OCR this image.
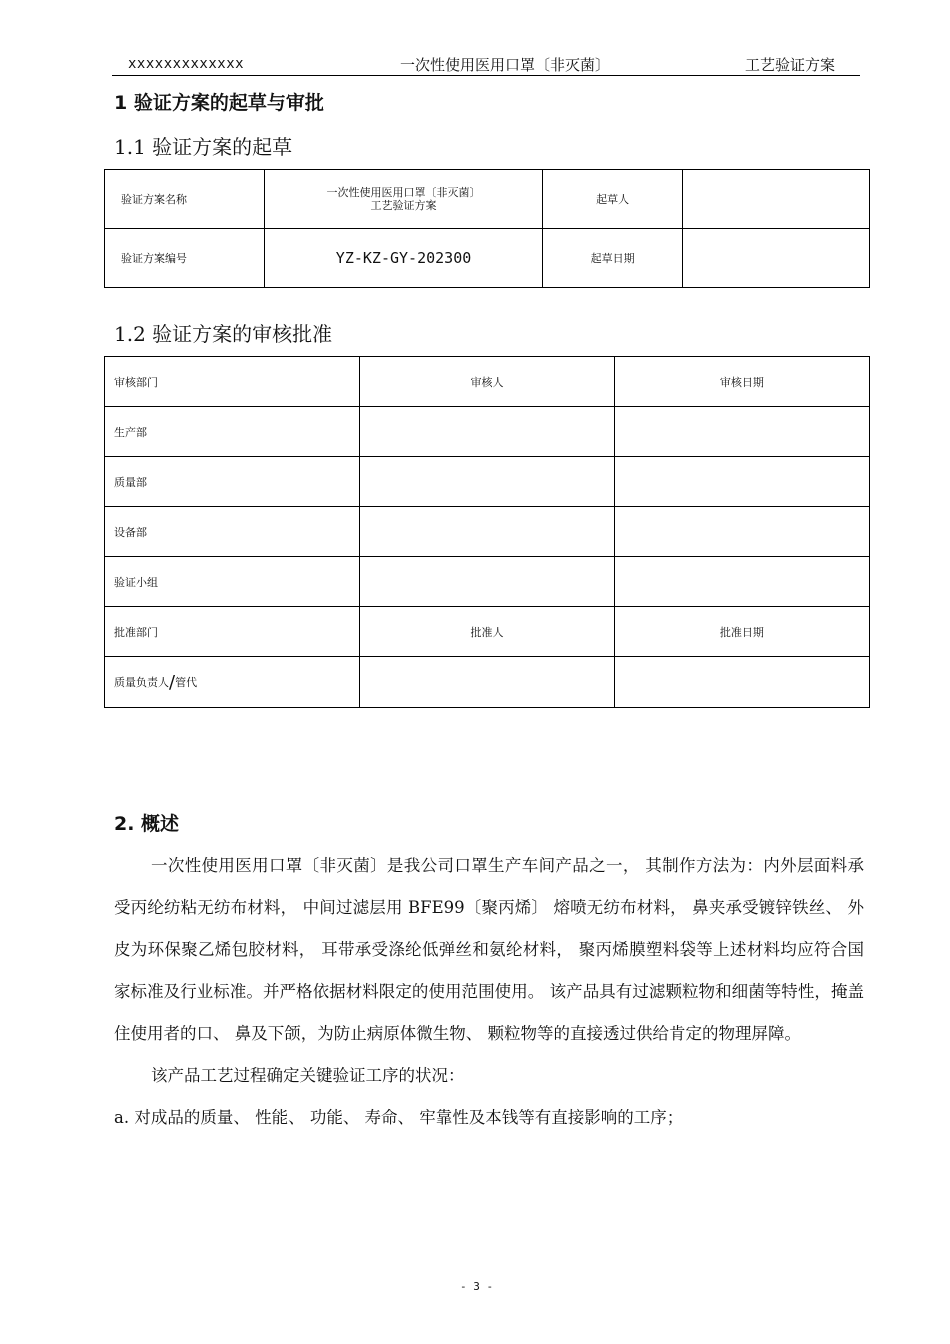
xxxxxxxxxxxxx	一次性使用医用口罩〔非灭菌〕	工艺验证方案
1 验证方案的起草与审批
1.1 验证方案的起草
验证方案名称	一次性使用医用口罩〔非灭菌〕
工艺验证方案	起草人	
验证方案编号	YZ-KZ-GY-202300	起草日期	
1.2 验证方案的审核批准
审核部门	审核人	审核日期
生产部		
质量部		
设备部		
验证小组		
批准部门	批准人	批准日期
质量负责人/管代		
2. 概述

一次性使用医用口罩〔非灭菌〕是我公司口罩生产车间产品之一， 其制作方法为：内外层面料承受丙纶纺粘无纺布材料， 中间过滤层用 BFE99〔聚丙烯〕 熔喷无纺布材料， 鼻夹承受镀锌铁丝、 外皮为环保聚乙烯包胶材料， 耳带承受涤纶低弹丝和氨纶材料， 聚丙烯膜塑料袋等上述材料均应符合国家标准及行业标准。并严格依据材料限定的使用范围使用。 该产品具有过滤颗粒物和细菌等特性，掩盖住使用者的口、 鼻及下颌，为防止病原体微生物、 颗粒物等的直接透过供给肯定的物理屏障。

该产品工艺过程确定关键验证工序的状况：

a. 对成品的质量、 性能、 功能、 寿命、 牢靠性及本钱等有直接影响的工序；

- 3 -
